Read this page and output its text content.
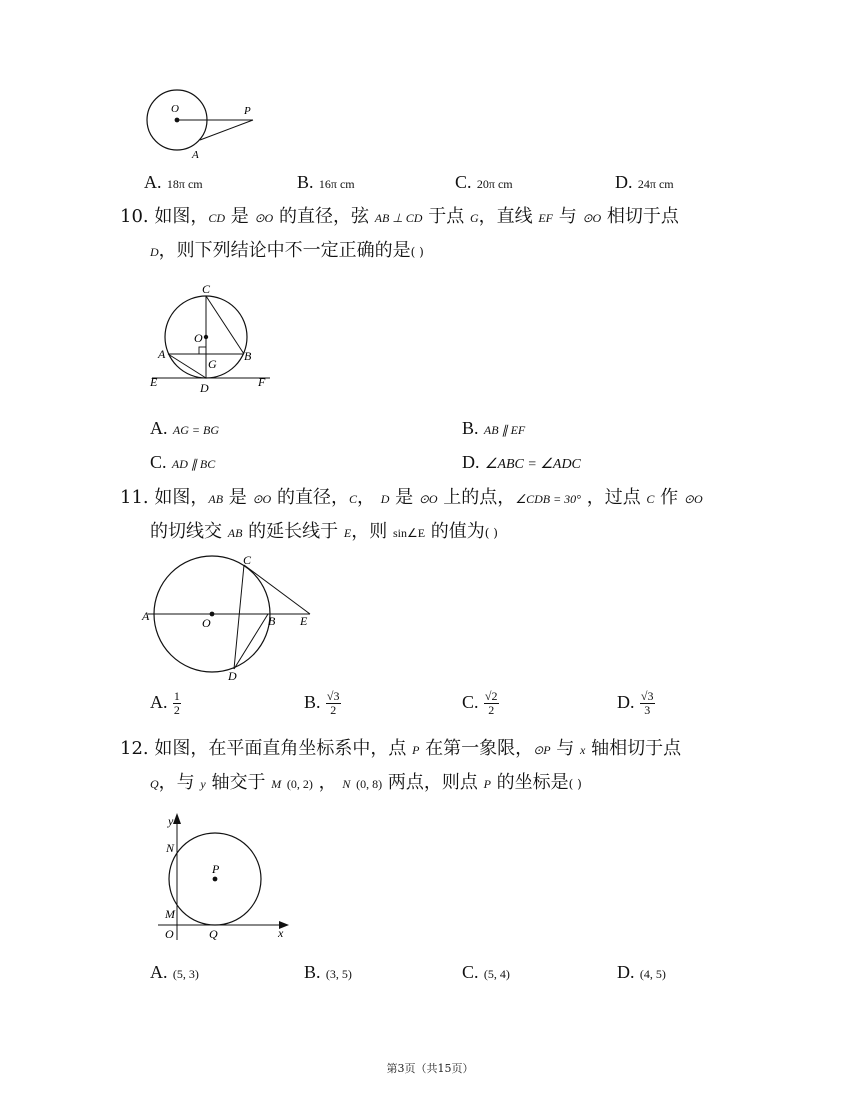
O	P
A
A. 18π cm	B. 16π cm	C. 20π cm	D. 24π cm
10. 如图，CD 是 ⊙O 的直径，弦 AB ⊥ CD 于点 G，直线 EF 与 ⊙O 相切于点
D，则下列结论中不一定正确的是( )
C
O
A
G
B
E	D	F
A. AG = BG	B. AB ∥ EF
C. AD ∥ BC	D. ∠ABC = ∠ADC
11. 如图，AB 是 ⊙O 的直径，C， D 是 ⊙O 上的点，∠CDB = 30° ，过点 C 作 ⊙O
的切线交 AB 的延长线于 E，则 sin∠E 的值为( )
C
A	O	B E
D
A. $\frac{1}{2}$	B. $\frac{√3}{2}$	C. $\frac{√2}{2}$	D. $\frac{√3}{3}$
12. 如图，在平面直角坐标系中，点 P 在第一象限，⊙P 与 x 轴相切于点
Q，与 y 轴交于 M (0, 2) ， N (0, 8) 两点，则点 P 的坐标是( )
y
N
P
M
O	Q	x
A. (5, 3)	B. (3, 5)	C. (5, 4)	D. (4, 5)
第3页（共15页）
